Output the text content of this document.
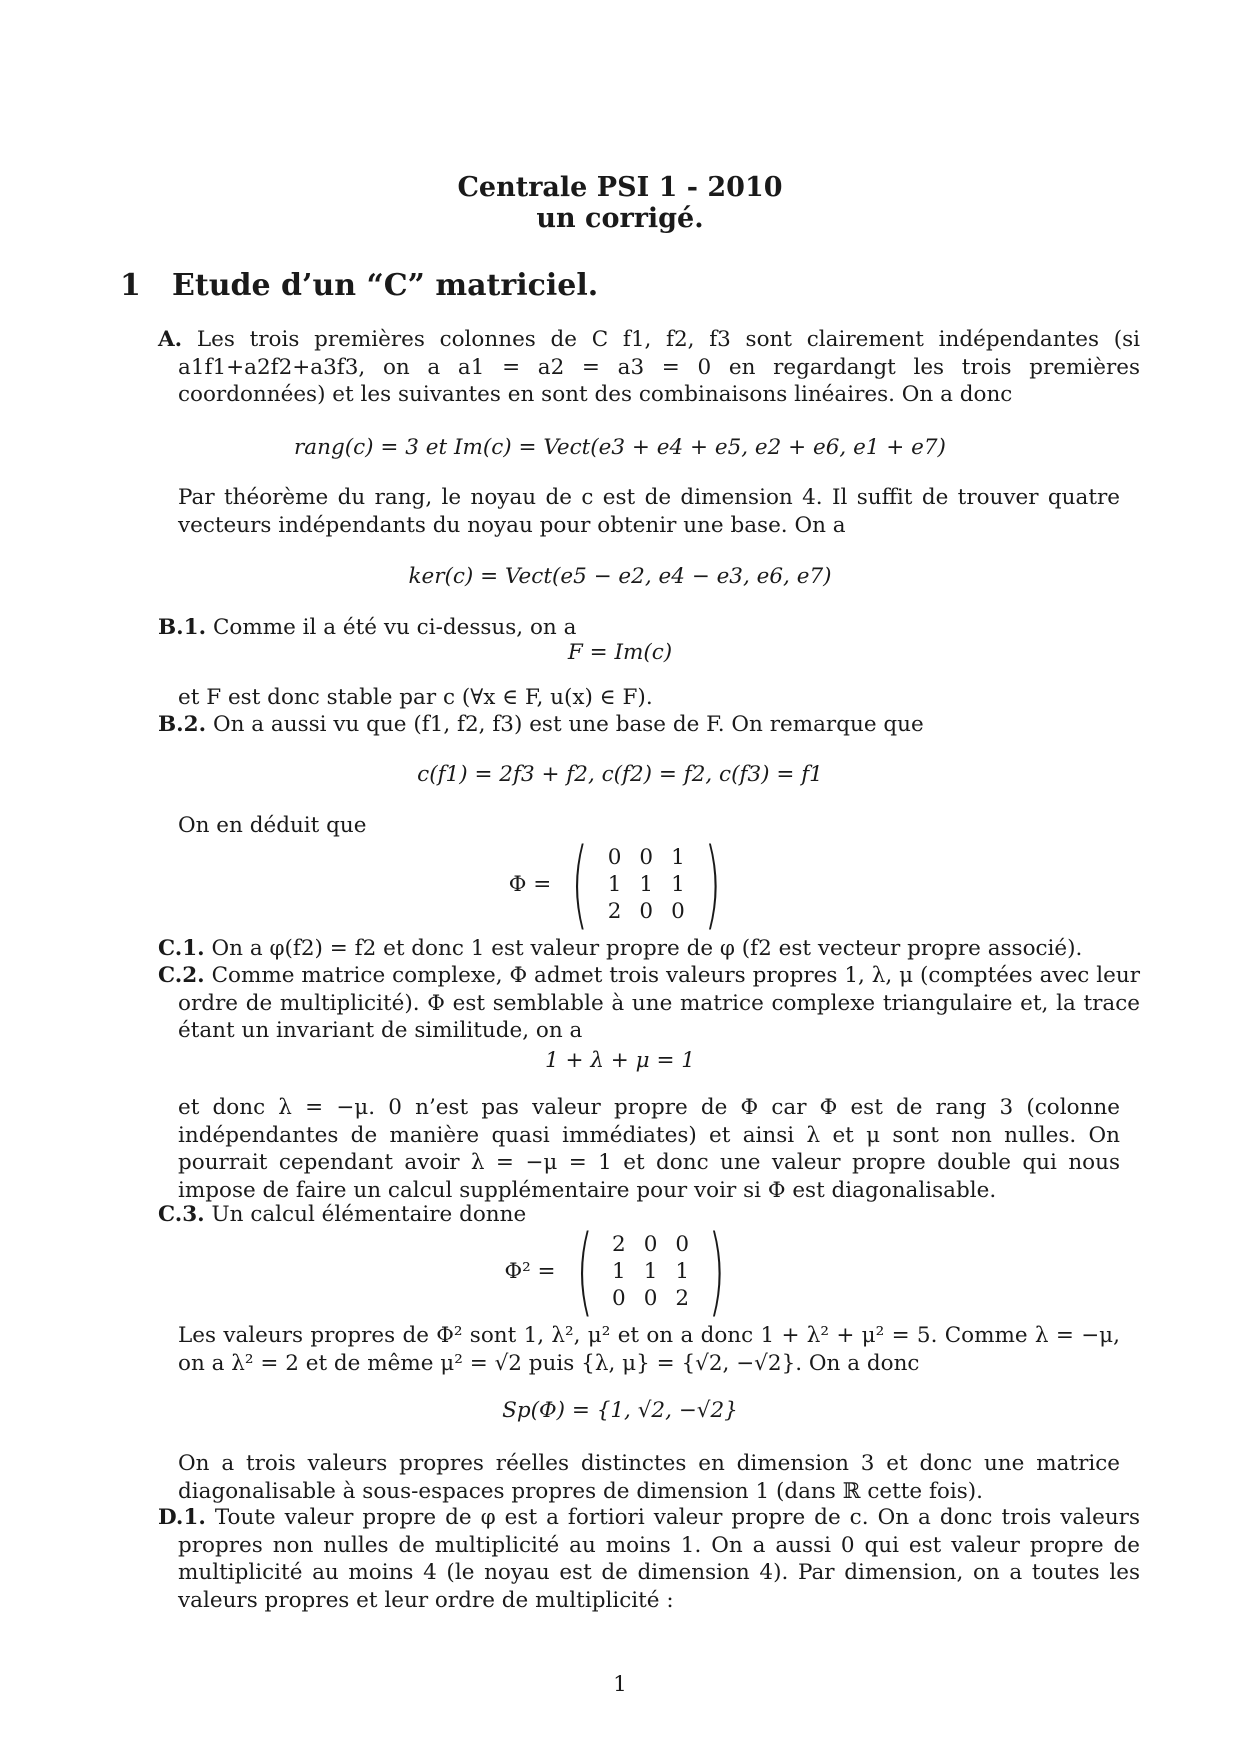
Centrale PSI 1 - 2010
un corrigé.
1 Etude d’un “C” matriciel.
A. Les trois premières colonnes de C f1, f2, f3 sont clairement indépendantes (si a1f1+a2f2+a3f3, on a a1 = a2 = a3 = 0 en regardangt les trois premières coordonnées) et les suivantes en sont des combinaisons linéaires. On a donc
rang(c) = 3 et Im(c) = Vect(e3 + e4 + e5, e2 + e6, e1 + e7)
Par théorème du rang, le noyau de c est de dimension 4. Il suffit de trouver quatre vecteurs indépendants du noyau pour obtenir une base. On a
ker(c) = Vect(e5 − e2, e4 − e3, e6, e7)
B.1. Comme il a été vu ci-dessus, on a
F = Im(c)
et F est donc stable par c (∀x ∈ F, u(x) ∈ F).
B.2. On a aussi vu que (f1, f2, f3) est une base de F. On remarque que
c(f1) = 2f3 + f2, c(f2) = f2, c(f3) = f1
On en déduit que
Φ = ( 0	0	1
1	1	1
2	0	0 )
C.1. On a φ(f2) = f2 et donc 1 est valeur propre de φ (f2 est vecteur propre associé).
C.2. Comme matrice complexe, Φ admet trois valeurs propres 1, λ, μ (comptées avec leur ordre de multiplicité). Φ est semblable à une matrice complexe triangulaire et, la trace étant un invariant de similitude, on a
1 + λ + μ = 1
et donc λ = −μ. 0 n’est pas valeur propre de Φ car Φ est de rang 3 (colonne indépendantes de manière quasi immédiates) et ainsi λ et μ sont non nulles. On pourrait cependant avoir λ = −μ = 1 et donc une valeur propre double qui nous impose de faire un calcul supplémentaire pour voir si Φ est diagonalisable.
C.3. Un calcul élémentaire donne
Φ² = ( 2	0	0
1	1	1
0	0	2 )
Les valeurs propres de Φ² sont 1, λ², μ² et on a donc 1 + λ² + μ² = 5. Comme λ = −μ, on a λ² = 2 et de même μ² = √2 puis {λ, μ} = {√2, −√2}. On a donc
Sp(Φ) = {1, √2, −√2}
On a trois valeurs propres réelles distinctes en dimension 3 et donc une matrice diagonalisable à sous-espaces propres de dimension 1 (dans ℝ cette fois).
D.1. Toute valeur propre de φ est a fortiori valeur propre de c. On a donc trois valeurs propres non nulles de multiplicité au moins 1. On a aussi 0 qui est valeur propre de multiplicité au moins 4 (le noyau est de dimension 4). Par dimension, on a toutes les valeurs propres et leur ordre de multiplicité :
1
